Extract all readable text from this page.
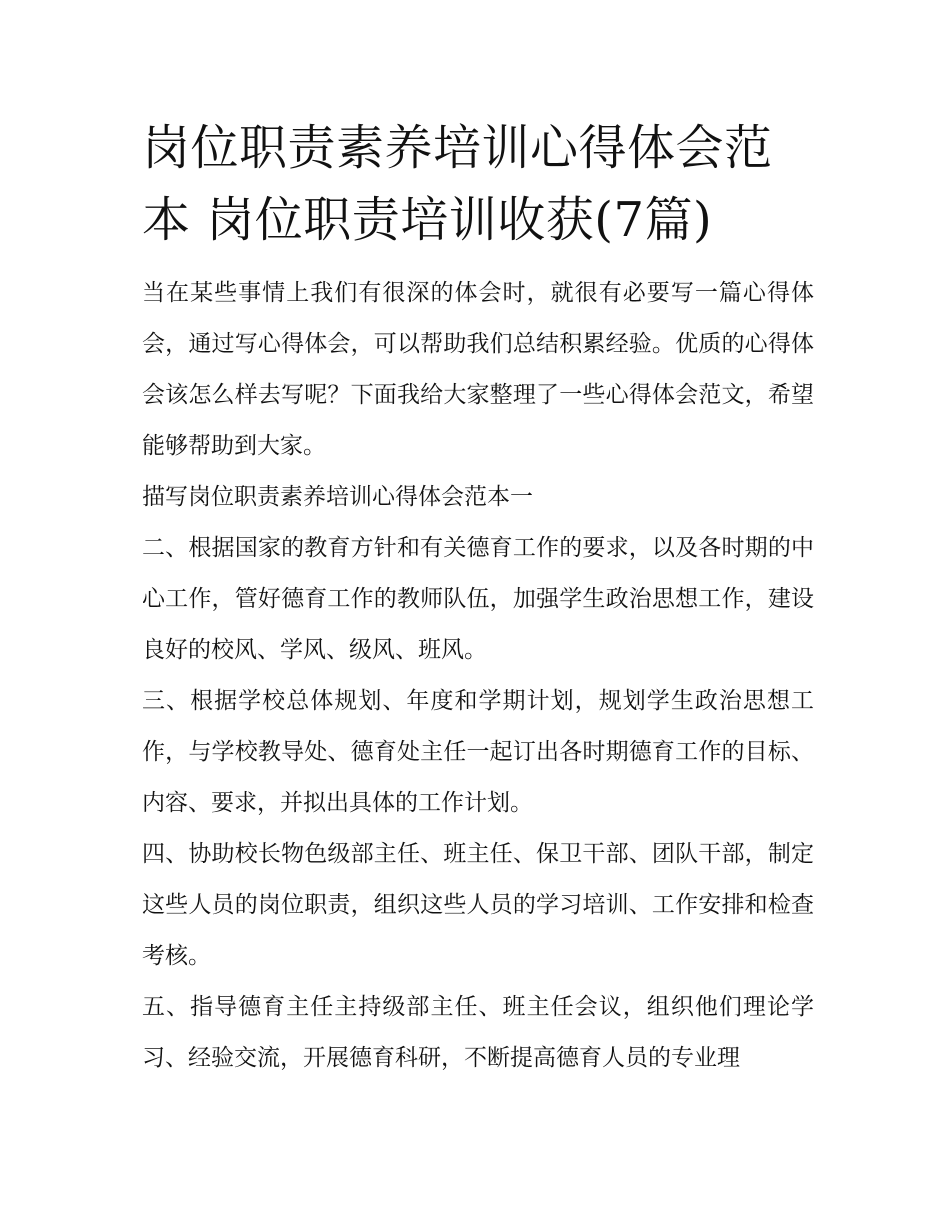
岗位职责素养培训心得体会范本 岗位职责培训收获(7篇)

当在某些事情上我们有很深的体会时，就很有必要写一篇心得体会，通过写心得体会，可以帮助我们总结积累经验。优质的心得体会该怎么样去写呢？下面我给大家整理了一些心得体会范文，希望能够帮助到大家。

描写岗位职责素养培训心得体会范本一

二、根据国家的教育方针和有关德育工作的要求，以及各时期的中心工作，管好德育工作的教师队伍，加强学生政治思想工作，建设良好的校风、学风、级风、班风。

三、根据学校总体规划、年度和学期计划，规划学生政治思想工作，与学校教导处、德育处主任一起订出各时期德育工作的目标、内容、要求，并拟出具体的工作计划。

四、协助校长物色级部主任、班主任、保卫干部、团队干部，制定这些人员的岗位职责，组织这些人员的学习培训、工作安排和检查考核。

五、指导德育主任主持级部主任、班主任会议，组织他们理论学习、经验交流，开展德育科研，不断提高德育人员的专业理
